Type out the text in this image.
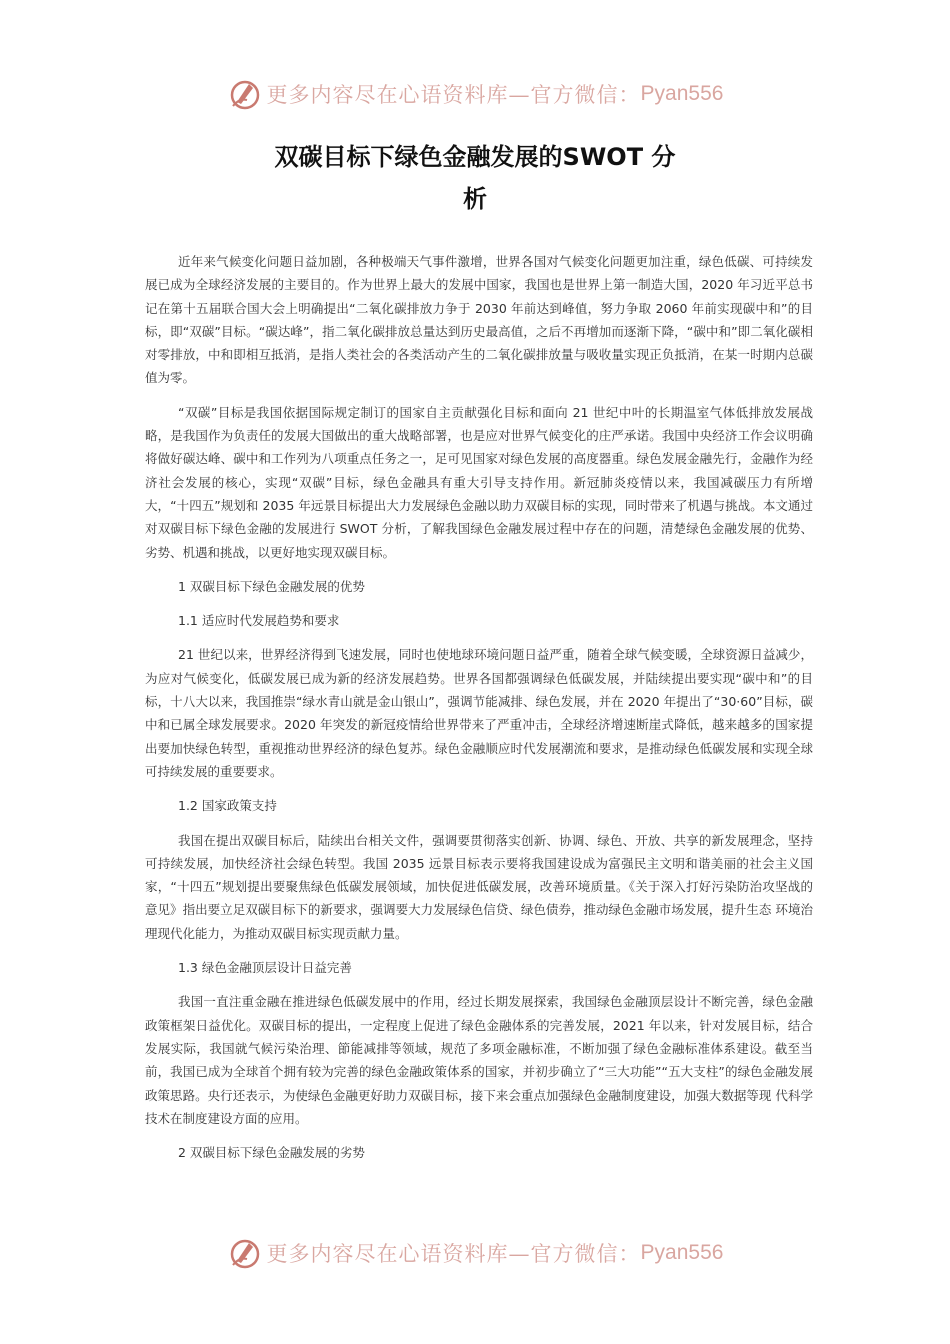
更多内容尽在心语资料库—官方微信： Pyan556
双碳目标下绿色金融发展的SWOT 分
析

近年来气候变化问题日益加剧，各种极端天气事件激增，世界各国对气候变化问题更加注重，绿色低碳、可持续发展已成为全球经济发展的主要目的。作为世界上最大的发展中国家，我国也是世界上第一制造大国，2020 年习近平总书记在第十五届联合国大会上明确提出“二氧化碳排放力争于 2030 年前达到峰值，努力争取 2060 年前实现碳中和”的目标，即“双碳”目标。“碳达峰”，指二氧化碳排放总量达到历史最高值，之后不再增加而逐渐下降，“碳中和”即二氧化碳相对零排放，中和即相互抵消，是指人类社会的各类活动产生的二氧化碳排放量与吸收量实现正负抵消，在某一时期内总碳值为零。

“双碳”目标是我国依据国际规定制订的国家自主贡献强化目标和面向 21 世纪中叶的长期温室气体低排放发展战略，是我国作为负责任的发展大国做出的重大战略部署，也是应对世界气候变化的庄严承诺。我国中央经济工作会议明确将做好碳达峰、碳中和工作列为八项重点任务之一，足可见国家对绿色发展的高度器重。绿色发展金融先行，金融作为经济社会发展的核心，实现“双碳”目标，绿色金融具有重大引导支持作用。新冠肺炎疫情以来，我国减碳压力有所增大，“十四五”规划和 2035 年远景目标提出大力发展绿色金融以助力双碳目标的实现，同时带来了机遇与挑战。本文通过对双碳目标下绿色金融的发展进行 SWOT 分析，了解我国绿色金融发展过程中存在的问题，清楚绿色金融发展的优势、劣势、机遇和挑战，以更好地实现双碳目标。

1 双碳目标下绿色金融发展的优势
1.1 适应时代发展趋势和要求

21 世纪以来，世界经济得到飞速发展，同时也使地球环境问题日益严重，随着全球气候变暖，全球资源日益减少， 为应对气候变化，低碳发展已成为新的经济发展趋势。世界各国都强调绿色低碳发展，并陆续提出要实现“碳中和”的目标，十八大以来，我国推崇“绿水青山就是金山银山”，强调节能减排、绿色发展，并在 2020 年提出了“30·60”目标，碳中和已属全球发展要求。2020 年突发的新冠疫情给世界带来了严重冲击，全球经济增速断崖式降低，越来越多的国家提出要加快绿色转型，重视推动世界经济的绿色复苏。绿色金融顺应时代发展潮流和要求，是推动绿色低碳发展和实现全球可持续发展的重要要求。

1.2 国家政策支持

我国在提出双碳目标后，陆续出台相关文件，强调要贯彻落实创新、协调、绿色、开放、共享的新发展理念，坚持可持续发展，加快经济社会绿色转型。我国 2035 远景目标表示要将我国建设成为富强民主文明和谐美丽的社会主义国家，“十四五”规划提出要聚焦绿色低碳发展领域，加快促进低碳发展，改善环境质量。《关于深入打好污染防治攻坚战的意见》指出要立足双碳目标下的新要求，强调要大力发展绿色信贷、绿色债券，推动绿色金融市场发展，提升生态 环境治理现代化能力，为推动双碳目标实现贡献力量。

1.3 绿色金融顶层设计日益完善

我国一直注重金融在推进绿色低碳发展中的作用，经过长期发展探索，我国绿色金融顶层设计不断完善，绿色金融政策框架日益优化。双碳目标的提出，一定程度上促进了绿色金融体系的完善发展，2021 年以来，针对发展目标，结合发展实际，我国就气候污染治理、節能减排等领域，规范了多项金融标准，不断加强了绿色金融标准体系建设。截至当前，我国已成为全球首个拥有较为完善的绿色金融政策体系的国家，并初步确立了“三大功能”“五大支柱”的绿色金融发展政策思路。央行还表示，为使绿色金融更好助力双碳目标，接下来会重点加强绿色金融制度建设，加强大数据等现 代科学技术在制度建设方面的应用。

2 双碳目标下绿色金融发展的劣势
更多内容尽在心语资料库—官方微信： Pyan556
